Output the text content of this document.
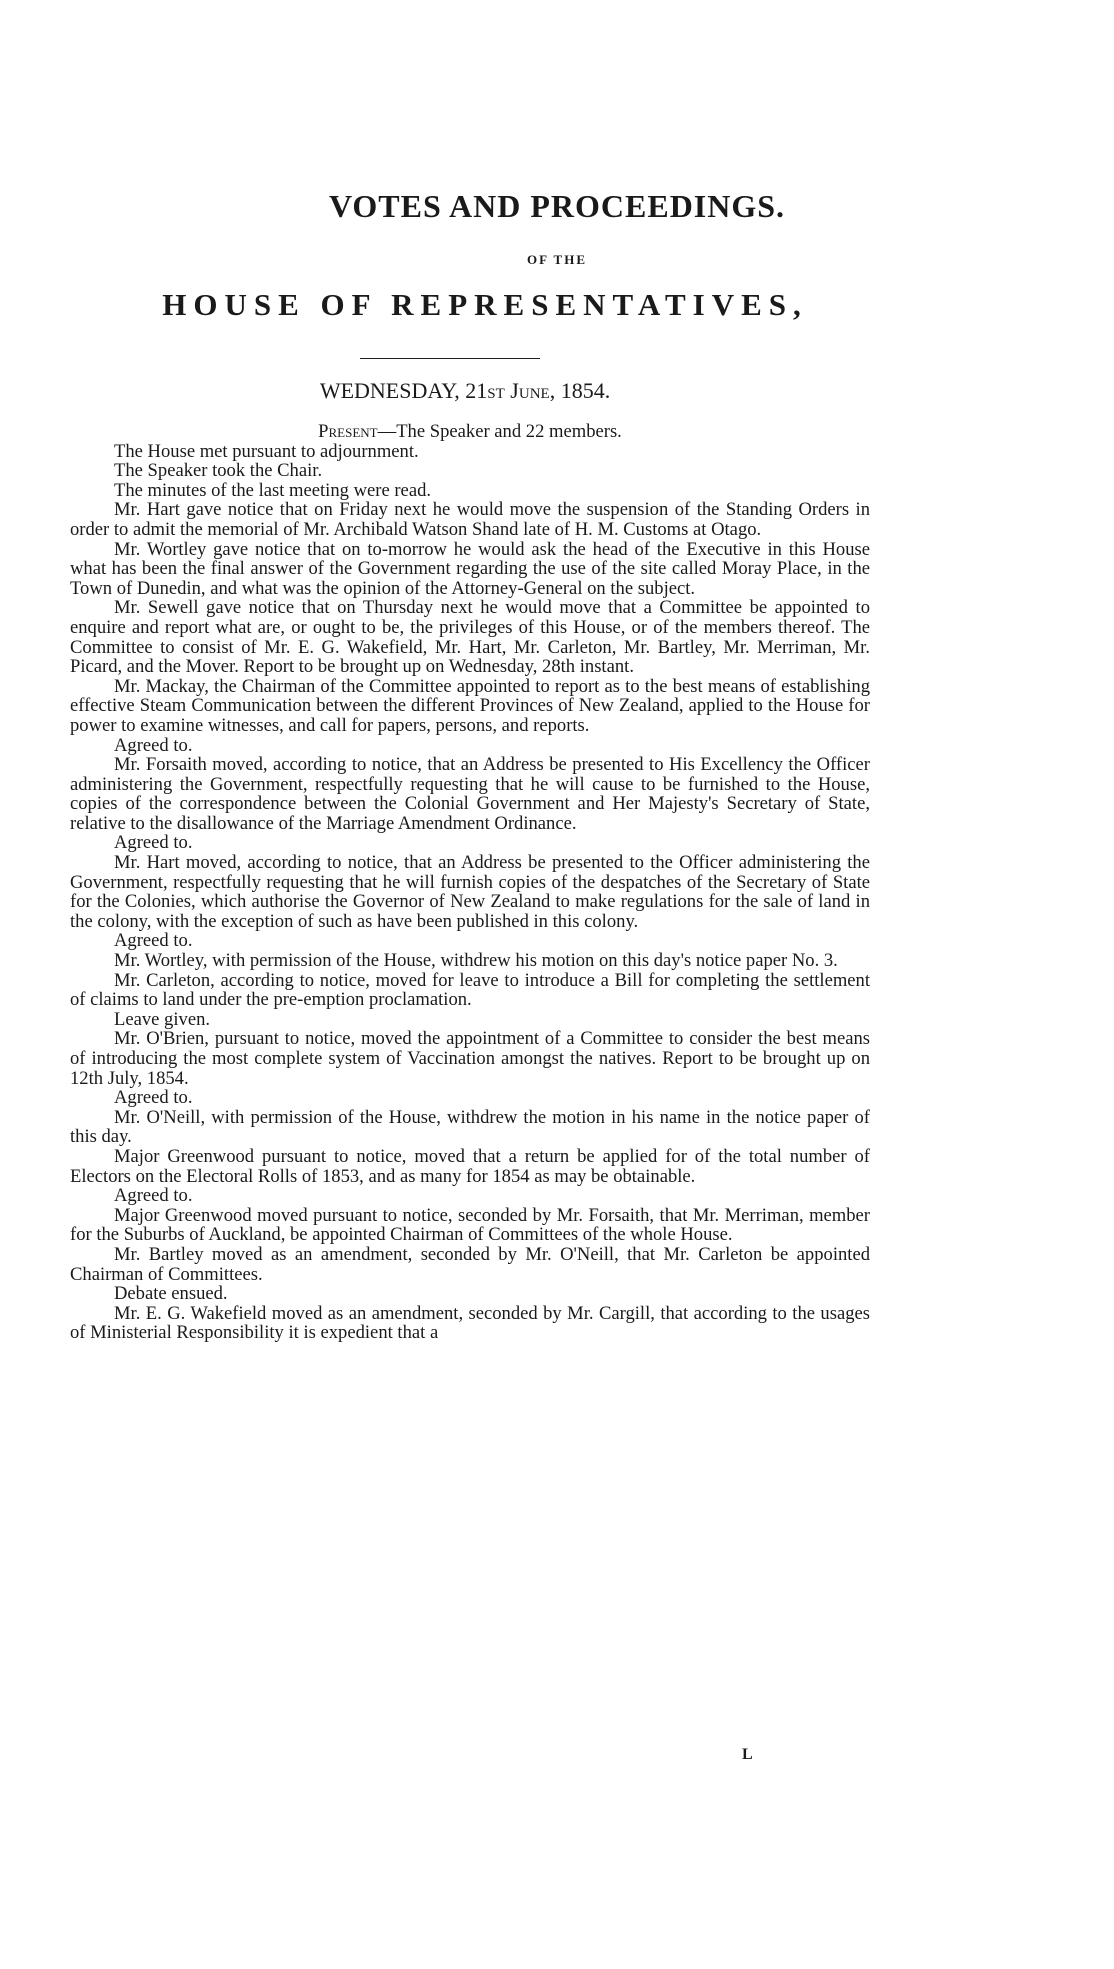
VOTES AND PROCEEDINGS.
OF THE
HOUSE OF REPRESENTATIVES,
WEDNESDAY, 21st June, 1854.

Present—The Speaker and 22 members.

The House met pursuant to adjournment.

The Speaker took the Chair.

The minutes of the last meeting were read.

Mr. Hart gave notice that on Friday next he would move the suspension of the Standing Orders in order to admit the memorial of Mr. Archibald Watson Shand late of H. M. Customs at Otago.

Mr. Wortley gave notice that on to-morrow he would ask the head of the Executive in this House what has been the final answer of the Government regarding the use of the site called Moray Place, in the Town of Dunedin, and what was the opinion of the Attorney-General on the subject.

Mr. Sewell gave notice that on Thursday next he would move that a Committee be appointed to enquire and report what are, or ought to be, the privileges of this House, or of the members thereof. The Committee to consist of Mr. E. G. Wakefield, Mr. Hart, Mr. Carleton, Mr. Bartley, Mr. Merriman, Mr. Picard, and the Mover. Report to be brought up on Wednesday, 28th instant.

Mr. Mackay, the Chairman of the Committee appointed to report as to the best means of establishing effective Steam Communication between the different Provinces of New Zealand, applied to the House for power to examine witnesses, and call for papers, persons, and reports.

Agreed to.

Mr. Forsaith moved, according to notice, that an Address be presented to His Excellency the Officer administering the Government, respectfully requesting that he will cause to be furnished to the House, copies of the correspondence between the Colonial Government and Her Majesty's Secretary of State, relative to the disallowance of the Marriage Amendment Ordinance.

Agreed to.

Mr. Hart moved, according to notice, that an Address be presented to the Officer administering the Government, respectfully requesting that he will furnish copies of the despatches of the Secretary of State for the Colonies, which authorise the Governor of New Zealand to make regulations for the sale of land in the colony, with the exception of such as have been published in this colony.

Agreed to.

Mr. Wortley, with permission of the House, withdrew his motion on this day's notice paper No. 3.

Mr. Carleton, according to notice, moved for leave to introduce a Bill for completing the settlement of claims to land under the pre-emption proclamation.

Leave given.

Mr. O'Brien, pursuant to notice, moved the appointment of a Committee to consider the best means of introducing the most complete system of Vaccination amongst the natives. Report to be brought up on 12th July, 1854.

Agreed to.

Mr. O'Neill, with permission of the House, withdrew the motion in his name in the notice paper of this day.

Major Greenwood pursuant to notice, moved that a return be applied for of the total number of Electors on the Electoral Rolls of 1853, and as many for 1854 as may be obtainable.

Agreed to.

Major Greenwood moved pursuant to notice, seconded by Mr. Forsaith, that Mr. Merriman, member for the Suburbs of Auckland, be appointed Chairman of Committees of the whole House.

Mr. Bartley moved as an amendment, seconded by Mr. O'Neill, that Mr. Carleton be appointed Chairman of Committees.

Debate ensued.

Mr. E. G. Wakefield moved as an amendment, seconded by Mr. Cargill, that according to the usages of Ministerial Responsibility it is expedient that a

L
